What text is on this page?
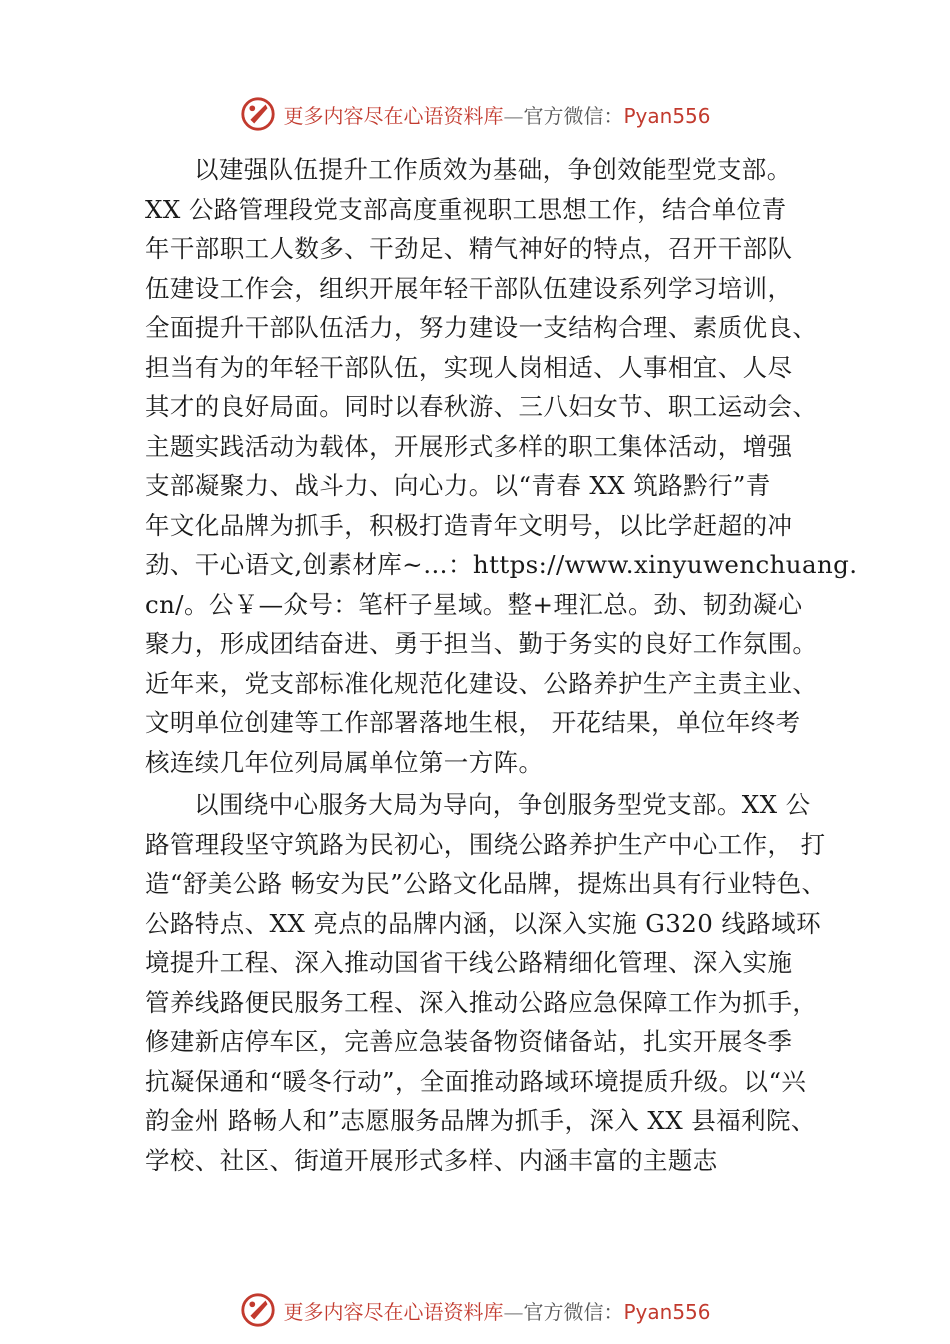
更多内容尽在心语资料库—官方微信：Pyan556
以建强队伍提升工作质效为基础，争创效能型党支部。
XX 公路管理段党支部高度重视职工思想工作，结合单位青
年干部职工人数多、干劲足、精气神好的特点，召开干部队
伍建设工作会，组织开展年轻干部队伍建设系列学习培训，
全面提升干部队伍活力，努力建设一支结构合理、素质优良、
担当有为的年轻干部队伍，实现人岗相适、人事相宜、人尽
其才的良好局面。同时以春秋游、三八妇女节、职工运动会、
主题实践活动为载体，开展形式多样的职工集体活动，增强
支部凝聚力、战斗力、向心力。以“青春 XX 筑路黔行”青
年文化品牌为抓手，积极打造青年文明号，以比学赶超的冲
劲、干心语文,创素材库~…：https://www.xinyuwenchuang.
cn/。公￥—众号：笔杆子星域。整+理汇总。劲、韧劲凝心
聚力，形成团结奋进、勇于担当、勤于务实的良好工作氛围。
近年来，党支部标准化规范化建设、公路养护生产主责主业、
文明单位创建等工作部署落地生根， 开花结果，单位年终考
核连续几年位列局属单位第一方阵。
以围绕中心服务大局为导向，争创服务型党支部。XX 公
路管理段坚守筑路为民初心，围绕公路养护生产中心工作， 打
造“舒美公路 畅安为民”公路文化品牌，提炼出具有行业特色、
公路特点、XX 亮点的品牌内涵，以深入实施 G320 线路域环
境提升工程、深入推动国省干线公路精细化管理、深入实施
管养线路便民服务工程、深入推动公路应急保障工作为抓手，
修建新店停车区，完善应急装备物资储备站，扎实开展冬季
抗凝保通和“暖冬行动”，全面推动路域环境提质升级。以“兴
韵金州 路畅人和”志愿服务品牌为抓手，深入 XX 县福利院、
学校、社区、街道开展形式多样、内涵丰富的主题志
更多内容尽在心语资料库—官方微信：Pyan556
